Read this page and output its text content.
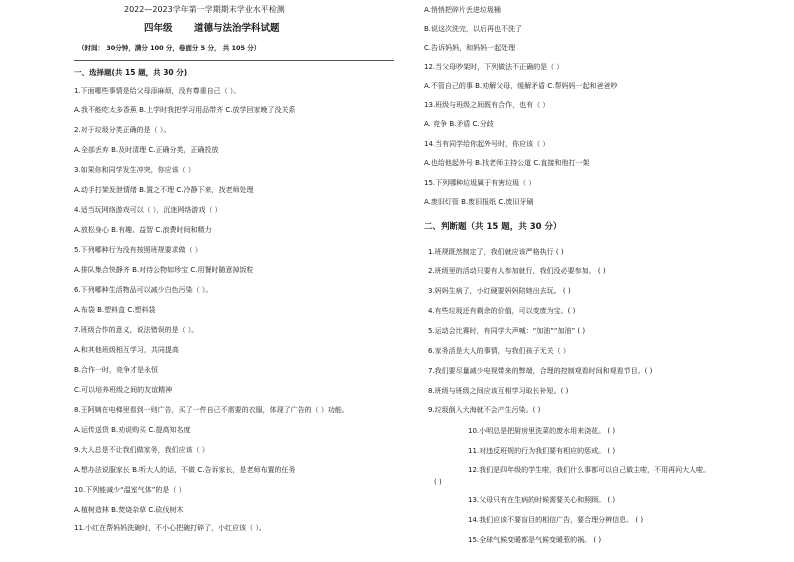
2022—2023学年第一学期期末学业水平检测
四年级 道德与法治学科试题
（时间： 30分钟，满分 100 分，卷面分 5 分， 共 105 分）
一、选择题(共 15 题，共 30 分)
1.下面哪些事情是给父母添麻烦，没有尊重自己（ ）。
A.我不能吃太多香蕉 B.上学时我把学习用品带齐 C.放学回家晚了没关系
2.对于垃圾分类正确的是（ ）。
A.全部丢弃 B.及时清理 C.正确分类，正确投放
3.如果你和同学发生冲突，你应该（ ）
A.动手打架发泄情绪 B.置之不理 C.冷静下来，找老师处理
4.适当玩网络游戏可以（ ），沉迷网络游戏（ ）
A.放松身心 B.有趣、益智 C.浪费时间和精力
5.下列哪种行为没有按照班规要求做（ ）
A.排队集合快静齐 B.对待公物如珍宝 C.用餐时随意掉饭粒
6.下列哪种生活物品可以减少白色污染（ ）。
A.布袋 B.塑料盒 C.塑料袋
7.班级合作的意义，说法错误的是（ ）。
A.和其他班级相互学习，共同提高
B.合作一时，竞争才是永恒
C.可以培养班级之间的友谊精神
8.王阿姨在电梯里看到一则广告，买了一件自己不需要的衣服，体现了广告的（ ）功能。
A.运传送货 B.劝说购买 C.提高知名度
9.大人总是不让我们做家务，我们应该（ ）
A.想办法说服家长 B.听大人的话，不做 C.告诉家长，是老师布置的任务
10.下列能减少“温室气体”的是（ ）
A.植树造林 B.焚烧杂草 C.砍伐树木
11.小红在帮妈妈洗碗时，不小心把碗打碎了，小红应该（ ）。
A.悄悄把碎片丢进垃圾桶
B.说这次洗完，以后再也不洗了
C.告诉妈妈，和妈妈一起处理
12.当父母吵架时，下列做法不正确的是（ ）
A.不管自己的事 B.劝解父母，缓解矛盾 C.帮妈妈一起和爸爸吵
13.班级与班级之间既有合作，也有（ ）
A. 竞争 B.矛盾 C.分歧
14.当有同学给你起外号时，你应该（ ）
A.也给他起外号 B.找老师主持公道 C.直接和他打一架
15.下列哪种垃圾属于有害垃圾（ ）
A.废旧灯管 B.废旧报纸 C.废旧牙刷
二、判断题（共 15 题，共 30 分）
1.班规既然制定了，我们就应该严格执行 ( )
2.班级里的活动只要有人参加就行，我们没必要参加。 ( )
3.妈妈生病了，小红硬要妈妈陪她出去玩。 ( )
4.有些垃圾还有剩余的价值，可以变废为宝。( )
5.运动会比赛时，有同学大声喊：“加油”“加油” ( )
6.家务活是大人的事情，与我们孩子无关（ ）
7.我们要尽量减少电视带来的弊端，合理的控制观看时间和观看节目。( )
8.班级与班级之间应该互相学习取长补短。( )
9.垃圾倒入大海就不会产生污染。( )
10.小明总是把厨房里洗菜的废水用来浇花。 ( )
11.对违反班规的行为我们要有相应的惩戒。 ( )
12.我们是四年级的学生啦，我们什么事都可以自己做主啦，不用再问大人啦。
( )
13.父母只有在生病的时候需要关心和照顾。 ( )
14.我们应该不要盲目的相信广告，要合理分辨信息。 ( )
15.全球气候变暖都是气候变暖惹的祸。 ( )
